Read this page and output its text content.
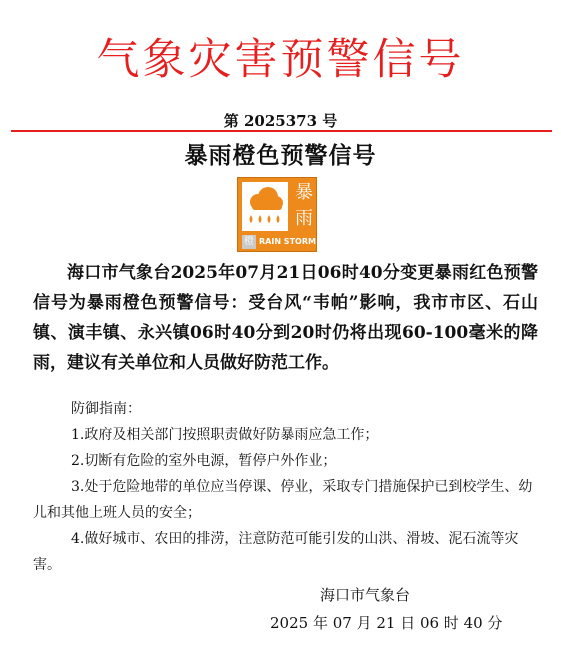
气象灾害预警信号
第 2025373 号
暴雨橙色预警信号
暴
雨
橙 RAIN STORM
海口市气象台2025年07月21日06时40分变更暴雨红色预警信号为暴雨橙色预警信号：受台风“韦帕”影响，我市市区、石山镇、演丰镇、永兴镇06时40分到20时仍将出现60-100毫米的降雨，建议有关单位和人员做好防范工作。
防御指南：
1.政府及相关部门按照职责做好防暴雨应急工作；
2.切断有危险的室外电源，暂停户外作业；
3.处于危险地带的单位应当停课、停业，采取专门措施保护已到校学生、幼儿和其他上班人员的安全；
4.做好城市、农田的排涝，注意防范可能引发的山洪、滑坡、泥石流等灾害。
海口市气象台
2025 年 07 月 21 日 06 时 40 分
